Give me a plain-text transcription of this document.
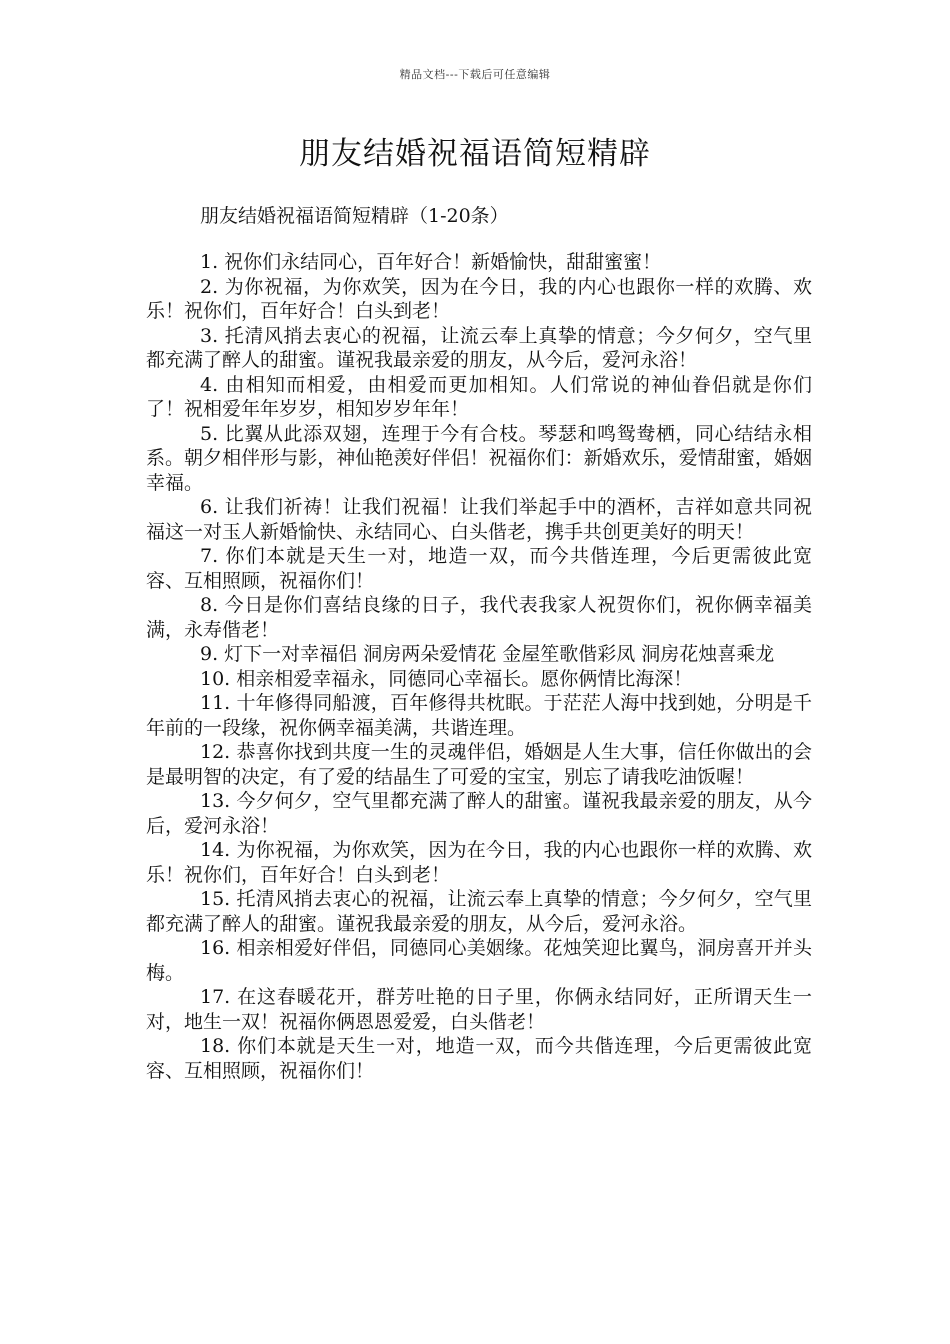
精品文档---下载后可任意编辑
朋友结婚祝福语简短精辟

朋友结婚祝福语简短精辟（1-20条）

1. 祝你们永结同心，百年好合！新婚愉快，甜甜蜜蜜！

2. 为你祝福，为你欢笑，因为在今日，我的内心也跟你一样的欢腾、欢乐！祝你们，百年好合！白头到老！

3. 托清风捎去衷心的祝福，让流云奉上真挚的情意；今夕何夕，空气里都充满了醉人的甜蜜。谨祝我最亲爱的朋友，从今后，爱河永浴！

4. 由相知而相爱，由相爱而更加相知。人们常说的神仙眷侣就是你们了！祝相爱年年岁岁，相知岁岁年年！

5. 比翼从此添双翅，连理于今有合枝。琴瑟和鸣鸳鸯栖，同心结结永相系。朝夕相伴形与影，神仙艳羡好伴侣！祝福你们：新婚欢乐，爱情甜蜜，婚姻幸福。

6. 让我们祈祷！让我们祝福！让我们举起手中的酒杯，吉祥如意共同祝福这一对玉人新婚愉快、永结同心、白头偕老，携手共创更美好的明天！

7. 你们本就是天生一对，地造一双，而今共偕连理，今后更需彼此宽容、互相照顾，祝福你们！

8. 今日是你们喜结良缘的日子，我代表我家人祝贺你们，祝你俩幸福美满，永寿偕老！

9. 灯下一对幸福侣 洞房两朵爱情花 金屋笙歌偕彩凤 洞房花烛喜乘龙

10. 相亲相爱幸福永，同德同心幸福长。愿你俩情比海深！

11. 十年修得同船渡，百年修得共枕眠。于茫茫人海中找到她，分明是千年前的一段缘，祝你俩幸福美满，共谐连理。

12. 恭喜你找到共度一生的灵魂伴侣，婚姻是人生大事，信任你做出的会是最明智的决定，有了爱的结晶生了可爱的宝宝，别忘了请我吃油饭喔！

13. 今夕何夕，空气里都充满了醉人的甜蜜。谨祝我最亲爱的朋友，从今后，爱河永浴！

14. 为你祝福，为你欢笑，因为在今日，我的内心也跟你一样的欢腾、欢乐！祝你们，百年好合！白头到老！

15. 托清风捎去衷心的祝福，让流云奉上真挚的情意；今夕何夕，空气里都充满了醉人的甜蜜。谨祝我最亲爱的朋友，从今后，爱河永浴。

16. 相亲相爱好伴侣，同德同心美姻缘。花烛笑迎比翼鸟，洞房喜开并头梅。

17. 在这春暖花开，群芳吐艳的日子里，你俩永结同好，正所谓天生一对，地生一双！祝福你俩恩恩爱爱，白头偕老！

18. 你们本就是天生一对，地造一双，而今共偕连理，今后更需彼此宽容、互相照顾，祝福你们！
